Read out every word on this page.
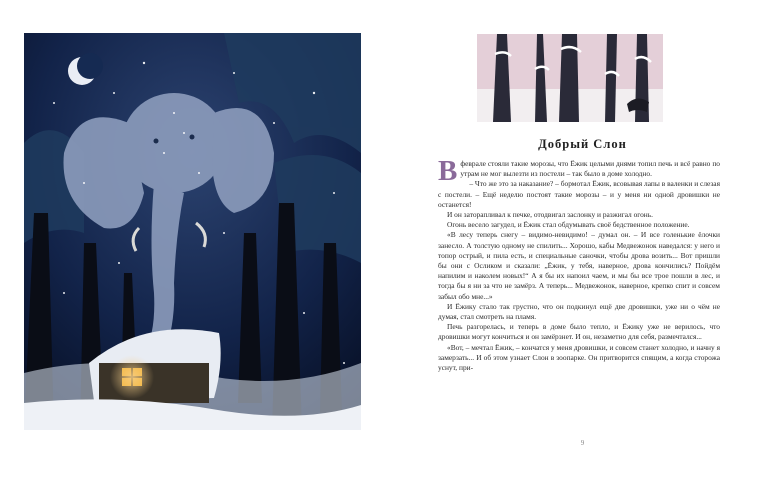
Добрый Слон

Вфеврале стояли такие морозы, что Ёжик целыми днями топил печь и всё равно по утрам не мог вылезти из постели – так было в доме холодно.

– Что же это за наказание? – бормотал Ёжик, всовывая лапы в валенки и слезая с постели. – Ещё неделю постоят такие морозы – и у меня ни одной дровишки не останется!

И он заторапливал к печке, отодвигал заслонку и разжигал огонь.

Огонь весело загудел, и Ёжик стал обдумывать своё бедственное положение.

«В лесу теперь снегу – видимо-невидимо! – думал он. – И все голенькие ёлочки занесло. А толстую одному не спилить... Хорошо, кабы Медвежонок наведался: у него и топор острый, и пила есть, и специальные саночки, чтобы дрова возить... Вот пришли бы они с Осликом и сказали: „Ёжик, у тебя, наверное, дрова кончились? Пойдём напилим и наколем новых!“ А я бы их напоил чаем, и мы бы все трое пошли в лес, и тогда бы я ни за что не замёрз. А теперь... Медвежонок, наверное, крепко спит и совсем забыл обо мне...»

И Ёжику стало так грустно, что он подкинул ещё две дровишки, уже ни о чём не думая, стал смотреть на пламя.

Печь разгорелась, и теперь в доме было тепло, и Ёжику уже не верилось, что дровишки могут кончиться и он замёрзнет. И он, незаметно для себя, размечтался...

«Вот, – мечтал Ёжик, – кончатся у меня дровишки, и совсем станет холодно, и начну я замерзать... И об этом узнает Слон в зоопарке. Он притворится спящим, а когда сторожа уснут, при-

9
